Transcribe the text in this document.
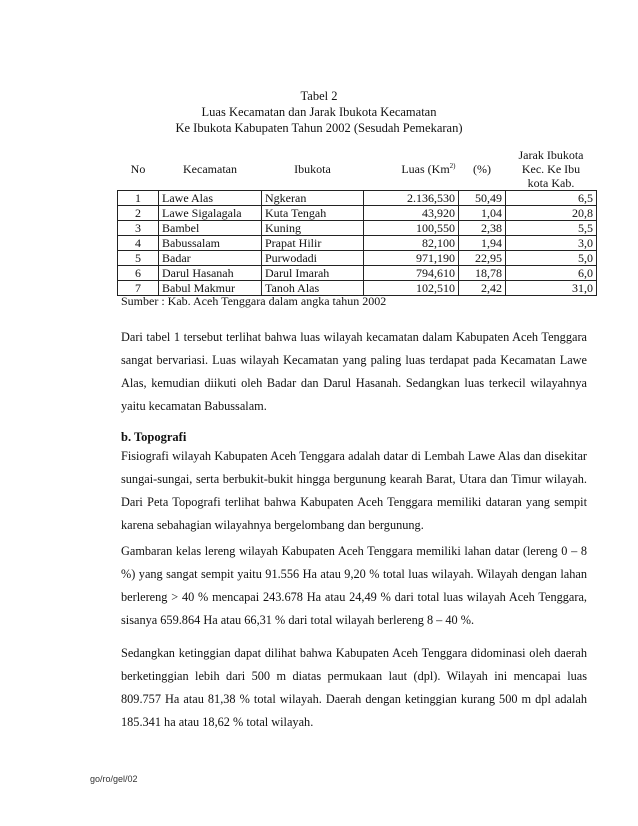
Tabel 2
Luas Kecamatan dan Jarak Ibukota Kecamatan
Ke Ibukota Kabupaten Tahun 2002 (Sesudah Pemekaran)
No	Kecamatan	Ibukota	Luas (Km$^{2)}$	(%)	Jarak Ibukota
Kec. Ke Ibu
kota Kab.

1	Lawe Alas	Ngkeran	2.136,530	50,49	6,5
2	Lawe Sigalagala	Kuta Tengah	43,920	1,04	20,8
3	Bambel	Kuning	100,550	2,38	5,5
4	Babussalam	Prapat Hilir	82,100	1,94	3,0
5	Badar	Purwodadi	971,190	22,95	5,0
6	Darul Hasanah	Darul Imarah	794,610	18,78	6,0
7	Babul Makmur	Tanoh Alas	102,510	2,42	31,0
Sumber : Kab. Aceh Tenggara dalam angka tahun 2002

Dari tabel 1 tersebut terlihat bahwa luas wilayah kecamatan dalam Kabupaten Aceh Tenggara sangat bervariasi. Luas wilayah Kecamatan yang paling luas terdapat pada Kecamatan Lawe Alas, kemudian diikuti oleh Badar dan Darul Hasanah. Sedangkan luas terkecil wilayahnya yaitu kecamatan Babussalam.

b. Topografi

Fisiografi wilayah Kabupaten Aceh Tenggara adalah datar di Lembah Lawe Alas dan disekitar sungai-sungai, serta berbukit-bukit hingga bergunung kearah Barat, Utara dan Timur wilayah. Dari Peta Topografi terlihat bahwa Kabupaten Aceh Tenggara memiliki dataran yang sempit karena sebahagian wilayahnya bergelombang dan bergunung.

Gambaran kelas lereng wilayah Kabupaten Aceh Tenggara memiliki lahan datar (lereng 0 – 8 %) yang sangat sempit yaitu 91.556 Ha atau 9,20 % total luas wilayah. Wilayah dengan lahan berlereng > 40 % mencapai 243.678 Ha atau 24,49 % dari total luas wilayah Aceh Tenggara, sisanya 659.864 Ha atau 66,31 % dari total wilayah berlereng 8 – 40 %.

Sedangkan ketinggian dapat dilihat bahwa Kabupaten Aceh Tenggara didominasi oleh daerah berketinggian lebih dari 500 m diatas permukaan laut (dpl). Wilayah ini mencapai luas 809.757 Ha atau 81,38 % total wilayah. Daerah dengan ketinggian kurang 500 m dpl adalah 185.341 ha atau 18,62 % total wilayah.

go/ro/gel/02
